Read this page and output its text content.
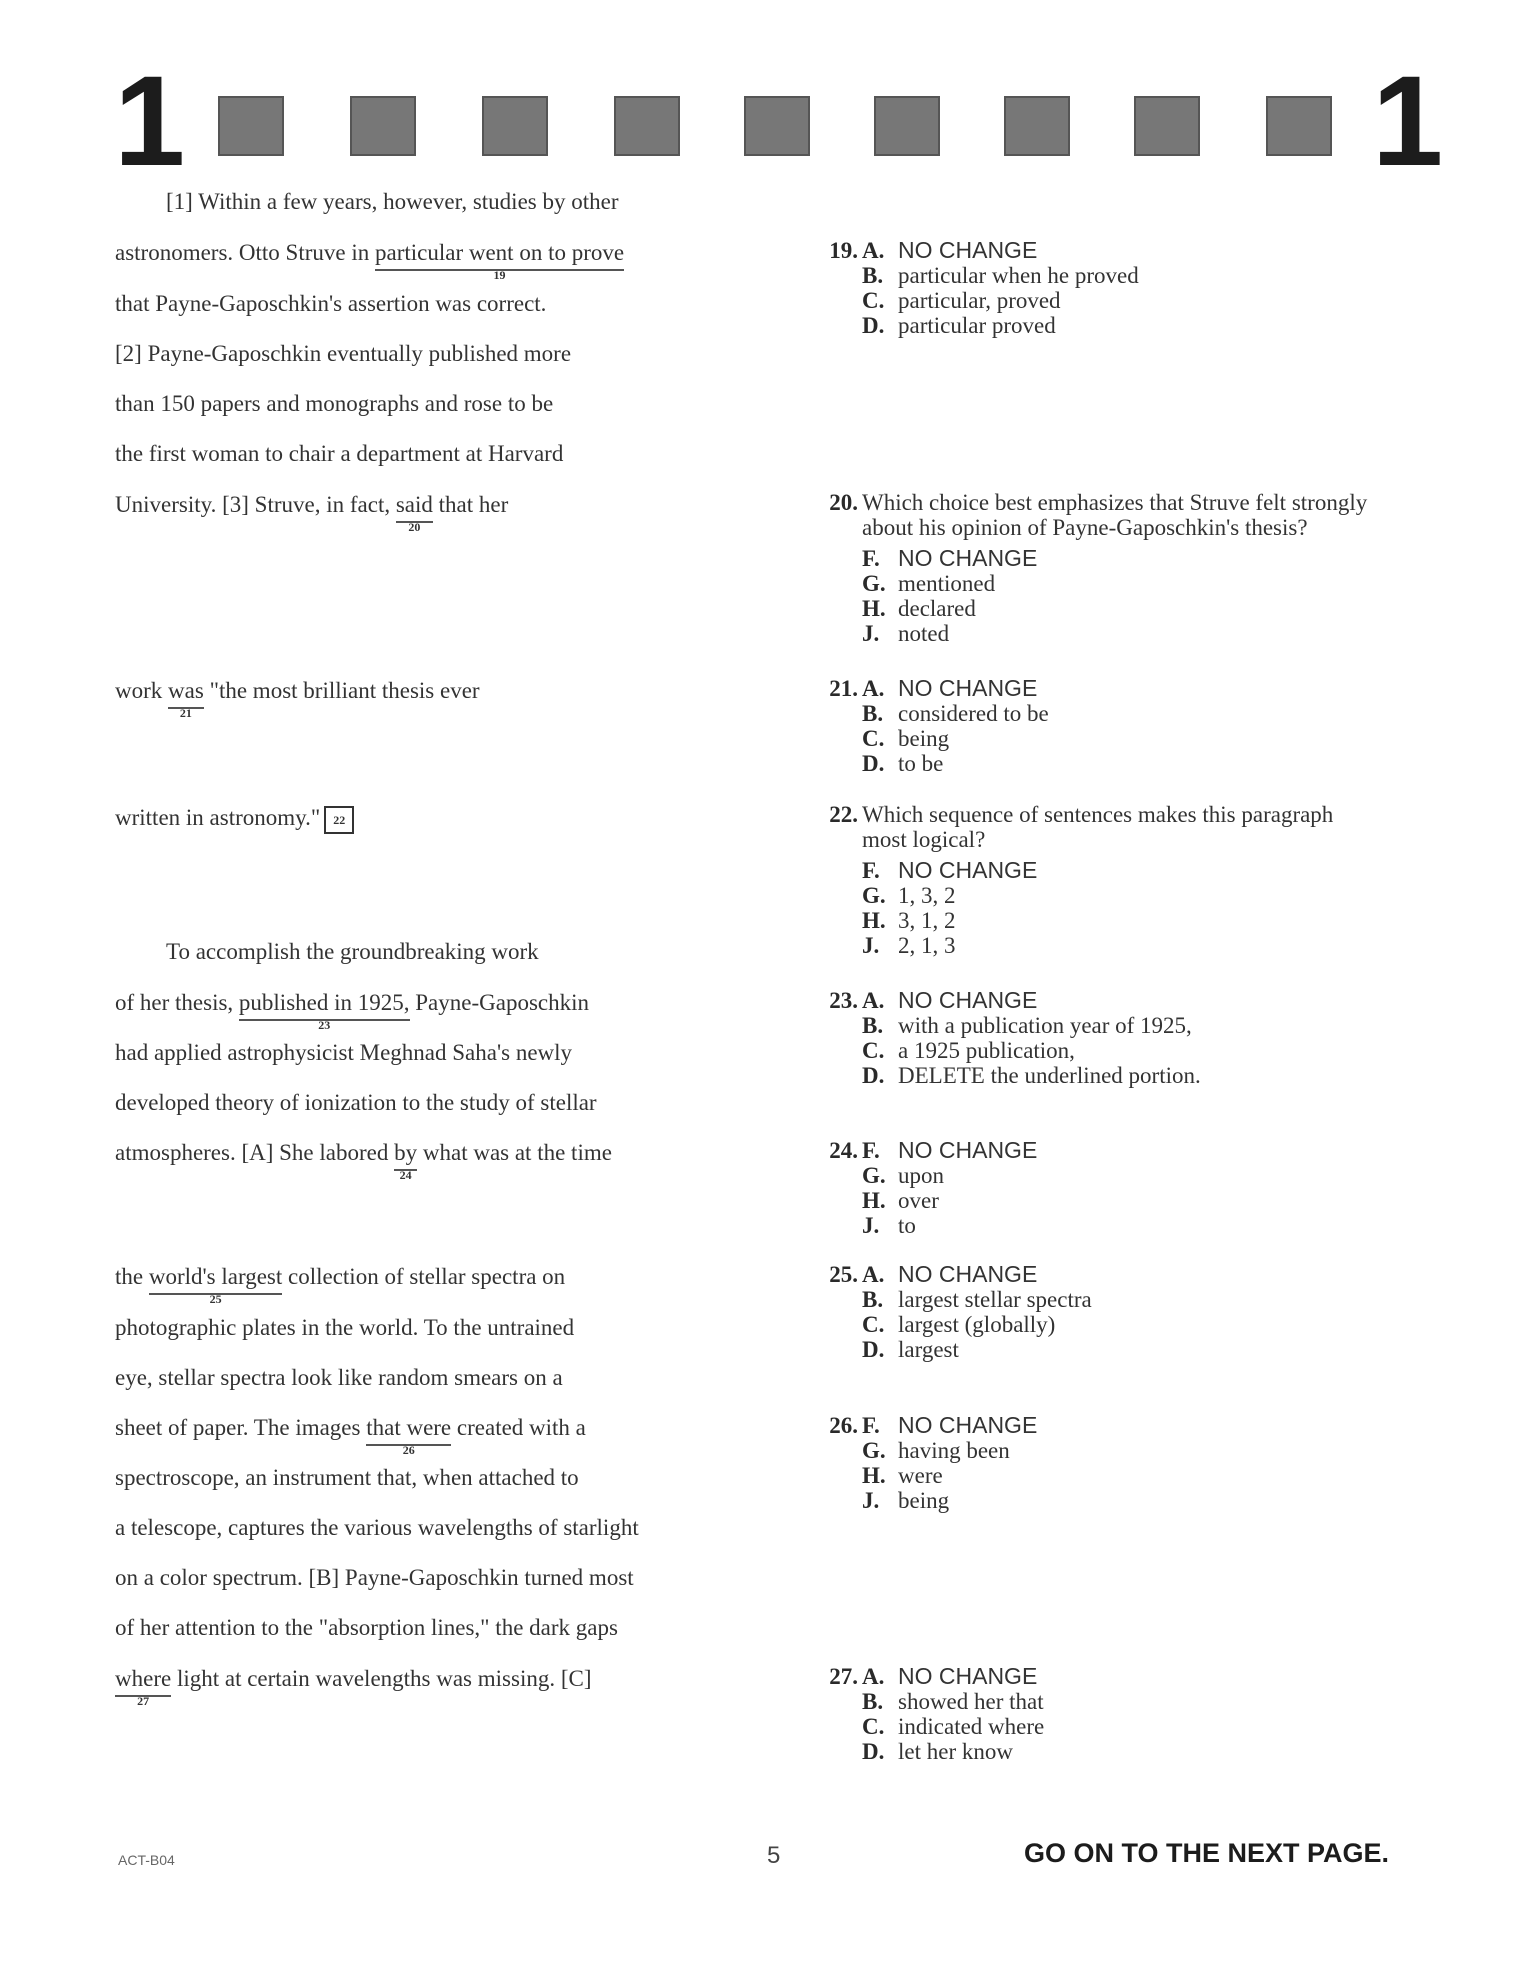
1	1
[1] Within a few years, however, studies by other
astronomers. Otto Struve in particular went on to prove
19
that Payne-Gaposchkin's assertion was correct.
[2] Payne-Gaposchkin eventually published more
than 150 papers and monographs and rose to be
the first woman to chair a department at Harvard
University. [3] Struve, in fact, said
20
that her
work was
21
"the most brilliant thesis ever
written in astronomy." 22
To accomplish the groundbreaking work
of her thesis, published in 1925,
23
Payne-Gaposchkin
had applied astrophysicist Meghnad Saha's newly
developed theory of ionization to the study of stellar
atmospheres. [A] She labored by
24
what was at the time
the world's largest
25
collection of stellar spectra on
photographic plates in the world. To the untrained
eye, stellar spectra look like random smears on a
sheet of paper. The images that were
26
created with a
spectroscope, an instrument that, when attached to
a telescope, captures the various wavelengths of starlight
on a color spectrum. [B] Payne-Gaposchkin turned most
of her attention to the "absorption lines," the dark gaps
where
27
light at certain wavelengths was missing. [C]
19. A. NO CHANGE
B. particular when he proved
C. particular, proved
D. particular proved
20. Which choice best emphasizes that Struve felt strongly
about his opinion of Payne-Gaposchkin's thesis?
F. NO CHANGE
G. mentioned
H. declared
J. noted
21. A. NO CHANGE
B. considered to be
C. being
D. to be
22. Which sequence of sentences makes this paragraph
most logical?
F. NO CHANGE
G. 1, 3, 2
H. 3, 1, 2
J. 2, 1, 3
23. A. NO CHANGE
B. with a publication year of 1925,
C. a 1925 publication,
D. DELETE the underlined portion.
24. F. NO CHANGE
G. upon
H. over
J. to
25. A. NO CHANGE
B. largest stellar spectra
C. largest (globally)
D. largest
26. F. NO CHANGE
G. having been
H. were
J. being
27. A. NO CHANGE
B. showed her that
C. indicated where
D. let her know
ACT-B04	5	GO ON TO THE NEXT PAGE.
